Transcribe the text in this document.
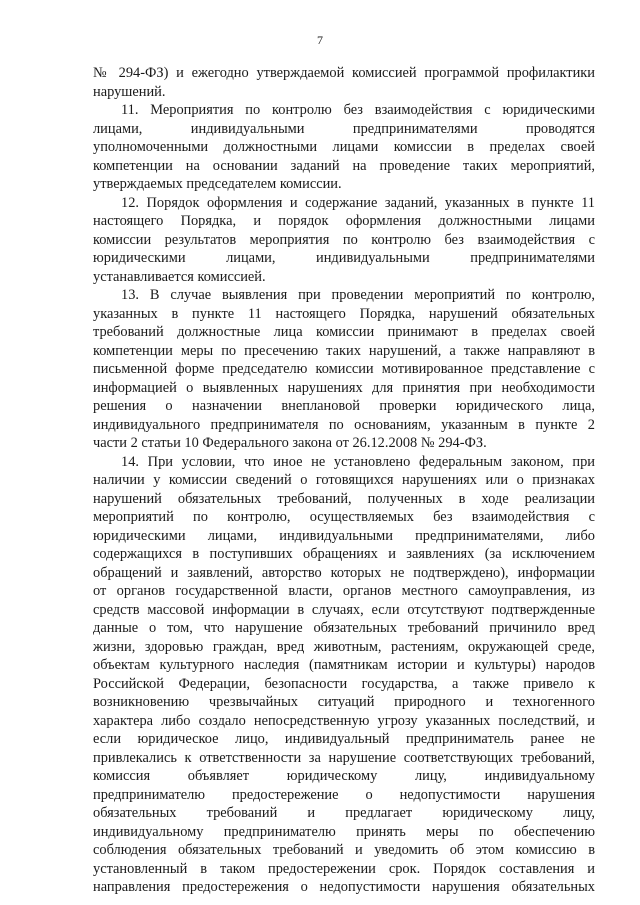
7
№ 294-ФЗ) и ежегодно утверждаемой комиссией программой профилактики
нарушений.
11. Мероприятия по контролю без взаимодействия с юридическими
лицами, индивидуальными предпринимателями проводятся
уполномоченными должностными лицами комиссии в пределах своей
компетенции на основании заданий на проведение таких мероприятий,
утверждаемых председателем комиссии.
12. Порядок оформления и содержание заданий, указанных в пункте 11
настоящего Порядка, и порядок оформления должностными лицами
комиссии результатов мероприятия по контролю без взаимодействия с
юридическими лицами, индивидуальными предпринимателями
устанавливается комиссией.
13. В случае выявления при проведении мероприятий по контролю,
указанных в пункте 11 настоящего Порядка, нарушений обязательных
требований должностные лица комиссии принимают в пределах своей
компетенции меры по пресечению таких нарушений, а также направляют в
письменной форме председателю комиссии мотивированное представление с
информацией о выявленных нарушениях для принятия при необходимости
решения о назначении внеплановой проверки юридического лица,
индивидуального предпринимателя по основаниям, указанным в пункте 2
части 2 статьи 10 Федерального закона от 26.12.2008 № 294-ФЗ.
14. При условии, что иное не установлено федеральным законом, при
наличии у комиссии сведений о готовящихся нарушениях или о признаках
нарушений обязательных требований, полученных в ходе реализации
мероприятий по контролю, осуществляемых без взаимодействия с
юридическими лицами, индивидуальными предпринимателями, либо
содержащихся в поступивших обращениях и заявлениях (за исключением
обращений и заявлений, авторство которых не подтверждено), информации
от органов государственной власти, органов местного самоуправления, из
средств массовой информации в случаях, если отсутствуют подтвержденные
данные о том, что нарушение обязательных требований причинило вред
жизни, здоровью граждан, вред животным, растениям, окружающей среде,
объектам культурного наследия (памятникам истории и культуры) народов
Российской Федерации, безопасности государства, а также привело к
возникновению чрезвычайных ситуаций природного и техногенного
характера либо создало непосредственную угрозу указанных последствий, и
если юридическое лицо, индивидуальный предприниматель ранее не
привлекались к ответственности за нарушение соответствующих требований,
комиссия объявляет юридическому лицу, индивидуальному
предпринимателю предостережение о недопустимости нарушения
обязательных требований и предлагает юридическому лицу,
индивидуальному предпринимателю принять меры по обеспечению
соблюдения обязательных требований и уведомить об этом комиссию в
установленный в таком предостережении срок. Порядок составления и
направления предостережения о недопустимости нарушения обязательных
